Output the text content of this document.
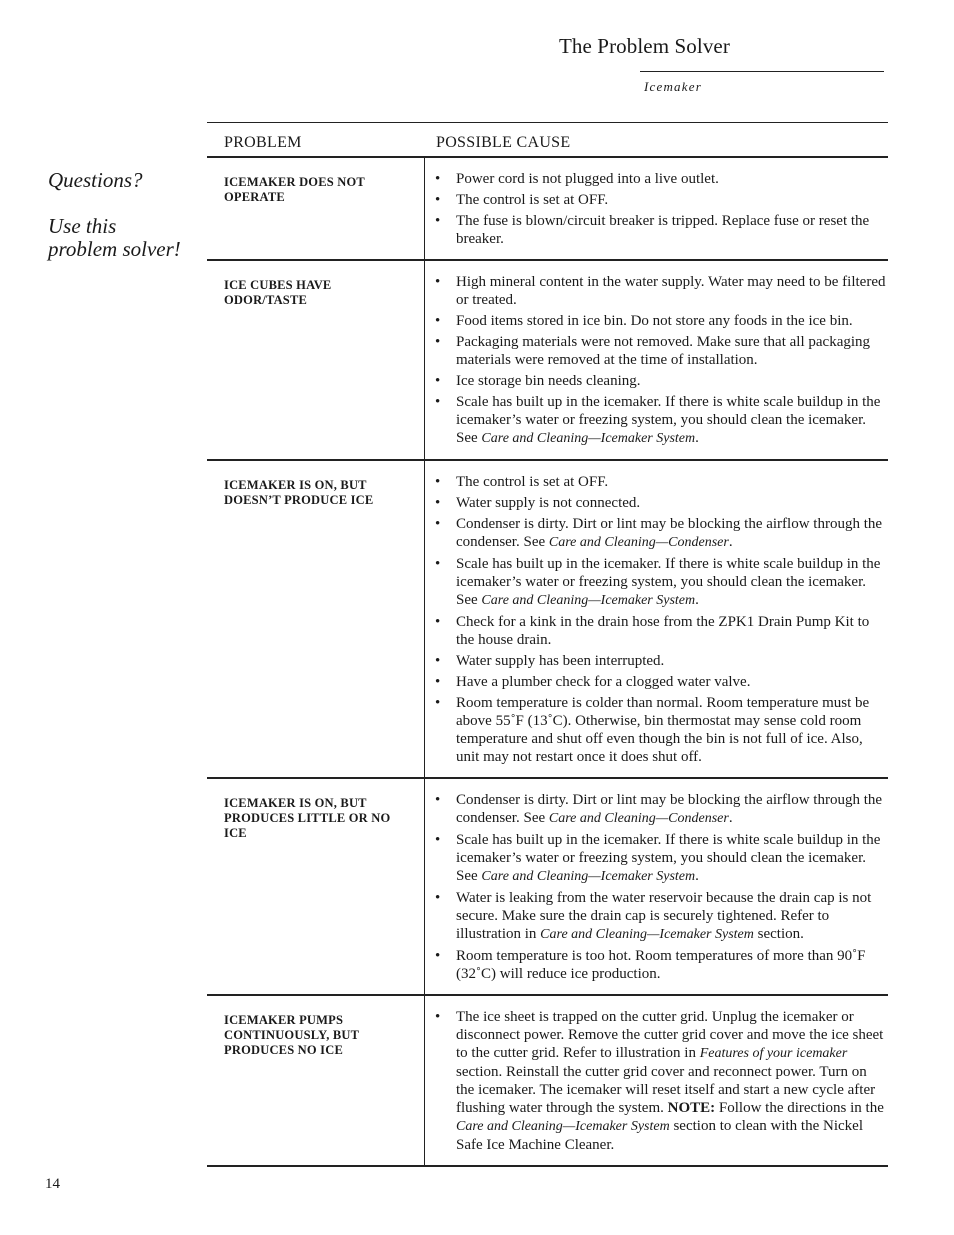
The Problem Solver
Icemaker

Questions?

Use this

problem solver!

PROBLEM	POSSIBLE CAUSE
ICEMAKER DOES NOT OPERATE
• Power cord is not plugged into a live outlet.
• The control is set at OFF.
• The fuse is blown/circuit breaker is tripped. Replace fuse or reset the breaker.
ICE CUBES HAVE ODOR/TASTE
• High mineral content in the water supply. Water may need to be filtered or treated.
• Food items stored in ice bin. Do not store any foods in the ice bin.
• Packaging materials were not removed. Make sure that all packaging materials were removed at the time of installation.
• Ice storage bin needs cleaning.
• Scale has built up in the icemaker. If there is white scale buildup in the icemaker’s water or freezing system, you should clean the icemaker. See Care and Cleaning—Icemaker System.
ICEMAKER IS ON, BUT DOESN’T PRODUCE ICE
• The control is set at OFF.
• Water supply is not connected.
• Condenser is dirty. Dirt or lint may be blocking the airflow through the condenser. See Care and Cleaning—Condenser.
• Scale has built up in the icemaker. If there is white scale buildup in the icemaker’s water or freezing system, you should clean the icemaker. See Care and Cleaning—Icemaker System.
• Check for a kink in the drain hose from the ZPK1 Drain Pump Kit to the house drain.
• Water supply has been interrupted.
• Have a plumber check for a clogged water valve.
• Room temperature is colder than normal. Room temperature must be above 55˚F (13˚C). Otherwise, bin thermostat may sense cold room temperature and shut off even though the bin is not full of ice. Also, unit may not restart once it does shut off.
ICEMAKER IS ON, BUT PRODUCES LITTLE OR NO ICE
• Condenser is dirty. Dirt or lint may be blocking the airflow through the condenser. See Care and Cleaning—Condenser.
• Scale has built up in the icemaker. If there is white scale buildup in the icemaker’s water or freezing system, you should clean the icemaker. See Care and Cleaning—Icemaker System.
• Water is leaking from the water reservoir because the drain cap is not secure. Make sure the drain cap is securely tightened. Refer to illustration in Care and Cleaning—Icemaker System section.
• Room temperature is too hot. Room temperatures of more than 90˚F (32˚C) will reduce ice production.
ICEMAKER PUMPS CONTINUOUSLY, BUT PRODUCES NO ICE
• The ice sheet is trapped on the cutter grid. Unplug the icemaker or disconnect power. Remove the cutter grid cover and move the ice sheet to the cutter grid. Refer to illustration in Features of your icemaker section. Reinstall the cutter grid cover and reconnect power. Turn on the icemaker. The icemaker will reset itself and start a new cycle after flushing water through the system. NOTE: Follow the directions in the Care and Cleaning—Icemaker System section to clean with the Nickel Safe Ice Machine Cleaner.
14
